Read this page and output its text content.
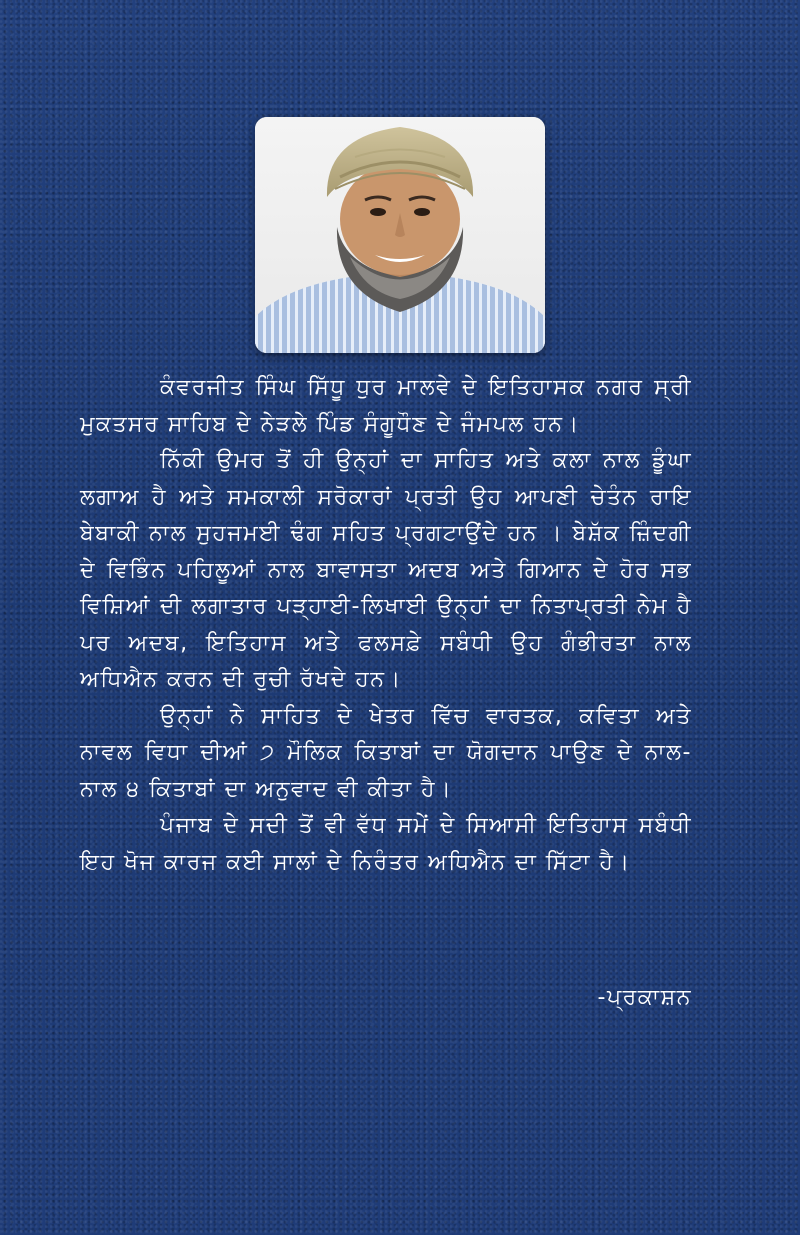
ਕੰਵਰਜੀਤ ਸਿੰਘ ਸਿੱਧੂ ਧੁਰ ਮਾਲਵੇ ਦੇ ਇਤਿਹਾਸਕ ਨਗਰ ਸ੍ਰੀ ਮੁਕਤਸਰ ਸਾਹਿਬ ਦੇ ਨੇੜਲੇ ਪਿੰਡ ਸੰਗੂਧੌਣ ਦੇ ਜੰਮਪਲ ਹਨ।

ਨਿੱਕੀ ਉਮਰ ਤੋਂ ਹੀ ਉਨ੍ਹਾਂ ਦਾ ਸਾਹਿਤ ਅਤੇ ਕਲਾ ਨਾਲ ਡੂੰਘਾ ਲਗਾਅ ਹੈ ਅਤੇ ਸਮਕਾਲੀ ਸਰੋਕਾਰਾਂ ਪ੍ਰਤੀ ਉਹ ਆਪਣੀ ਚੇਤੰਨ ਰਾਇ ਬੇਬਾਕੀ ਨਾਲ ਸੁਹਜਮਈ ਢੰਗ ਸਹਿਤ ਪ੍ਰਗਟਾਉਂਦੇ ਹਨ । ਬੇਸ਼ੱਕ ਜ਼ਿੰਦਗੀ ਦੇ ਵਿਭਿੰਨ ਪਹਿਲੂਆਂ ਨਾਲ ਬਾਵਾਸਤਾ ਅਦਬ ਅਤੇ ਗਿਆਨ ਦੇ ਹੋਰ ਸਭ ਵਿਸ਼ਿਆਂ ਦੀ ਲਗਾਤਾਰ ਪੜ੍ਹਾਈ-ਲਿਖਾਈ ਉਨ੍ਹਾਂ ਦਾ ਨਿਤਾਪ੍ਰਤੀ ਨੇਮ ਹੈ ਪਰ ਅਦਬ, ਇਤਿਹਾਸ ਅਤੇ ਫਲਸਫ਼ੇ ਸਬੰਧੀ ਉਹ ਗੰਭੀਰਤਾ ਨਾਲ ਅਧਿਐਨ ਕਰਨ ਦੀ ਰੁਚੀ ਰੱਖਦੇ ਹਨ।

ਉਨ੍ਹਾਂ ਨੇ ਸਾਹਿਤ ਦੇ ਖੇਤਰ ਵਿੱਚ ਵਾਰਤਕ, ਕਵਿਤਾ ਅਤੇ ਨਾਵਲ ਵਿਧਾ ਦੀਆਂ ੭ ਮੌਲਿਕ ਕਿਤਾਬਾਂ ਦਾ ਯੋਗਦਾਨ ਪਾਉਣ ਦੇ ਨਾਲ-ਨਾਲ ੪ ਕਿਤਾਬਾਂ ਦਾ ਅਨੁਵਾਦ ਵੀ ਕੀਤਾ ਹੈ।

ਪੰਜਾਬ ਦੇ ਸਦੀ ਤੋਂ ਵੀ ਵੱਧ ਸਮੇਂ ਦੇ ਸਿਆਸੀ ਇਤਿਹਾਸ ਸਬੰਧੀ ਇਹ ਖੋਜ ਕਾਰਜ ਕਈ ਸਾਲਾਂ ਦੇ ਨਿਰੰਤਰ ਅਧਿਐਨ ਦਾ ਸਿੱਟਾ ਹੈ।

-ਪ੍ਰਕਾਸ਼ਨ
